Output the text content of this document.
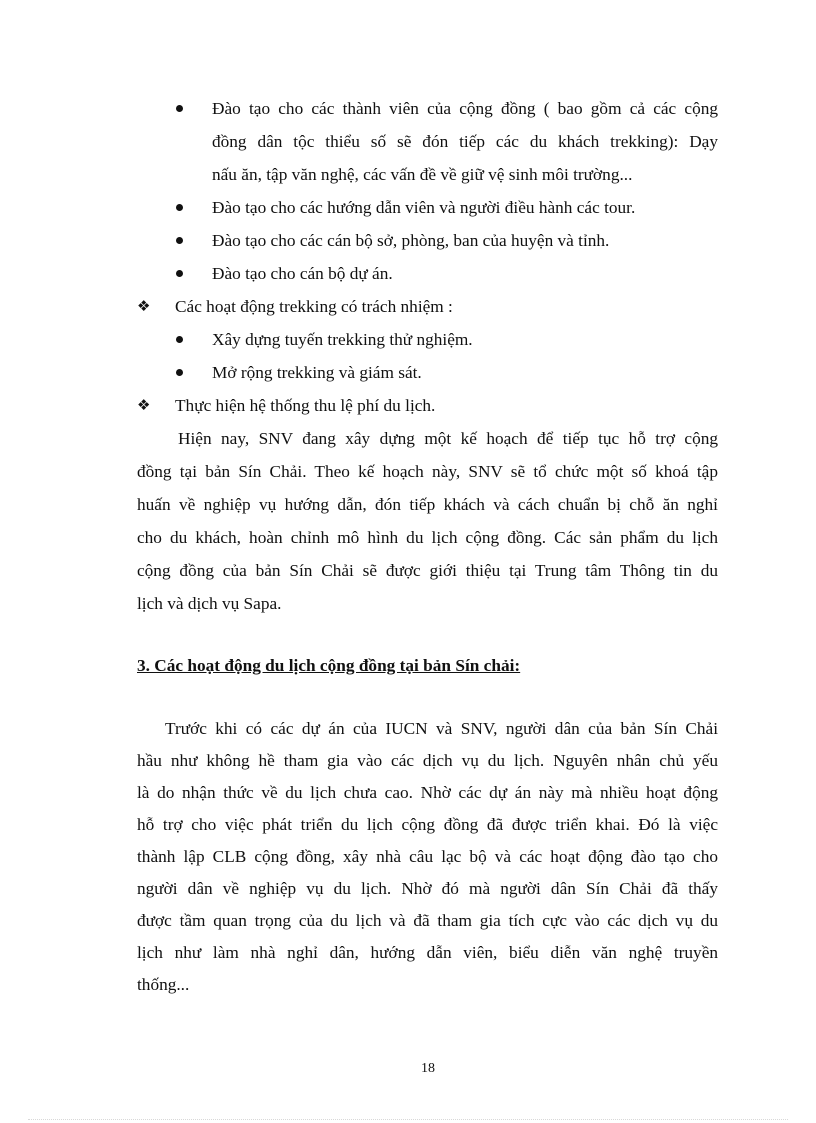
Đào tạo cho các thành viên của cộng đồng ( bao gồm cả các cộng
đồng dân tộc thiểu số sẽ đón tiếp các du khách trekking): Dạy
nấu ăn, tập văn nghệ, các vấn đề về giữ vệ sinh môi trường...
Đào tạo cho các hướng dẫn viên và người điều hành các tour.
Đào tạo cho các cán bộ sở, phòng, ban của huyện và tỉnh.
Đào tạo cho cán bộ dự án.
❖ Các hoạt động trekking có trách nhiệm :
Xây dựng tuyến trekking thử nghiệm.
Mở rộng trekking và giám sát.
❖ Thực hiện hệ thống thu lệ phí du lịch.
Hiện nay, SNV đang xây dựng một kế hoạch để tiếp tục hỗ trợ cộng
đồng tại bản Sín Chải. Theo kế hoạch này, SNV sẽ tổ chức một số khoá tập
huấn về nghiệp vụ hướng dẫn, đón tiếp khách và cách chuẩn bị chỗ ăn nghỉ
cho du khách, hoàn chỉnh mô hình du lịch cộng đồng. Các sản phẩm du lịch
cộng đồng của bản Sín Chải sẽ được giới thiệu tại Trung tâm Thông tin du
lịch và dịch vụ Sapa.
3. Các hoạt động du lịch cộng đồng tại bản Sín chải:
Trước khi có các dự án của IUCN và SNV, người dân của bản Sín Chải
hầu như không hề tham gia vào các dịch vụ du lịch. Nguyên nhân chủ yếu
là do nhận thức về du lịch chưa cao. Nhờ các dự án này mà nhiều hoạt động
hỗ trợ cho việc phát triển du lịch cộng đồng đã được triển khai. Đó là việc
thành lập CLB cộng đồng, xây nhà câu lạc bộ và các hoạt động đào tạo cho
người dân về nghiệp vụ du lịch. Nhờ đó mà người dân Sín Chải đã thấy
được tầm quan trọng của du lịch và đã tham gia tích cực vào các dịch vụ du
lịch như làm nhà nghỉ dân, hướng dẫn viên, biểu diễn văn nghệ truyền
thống...
18
